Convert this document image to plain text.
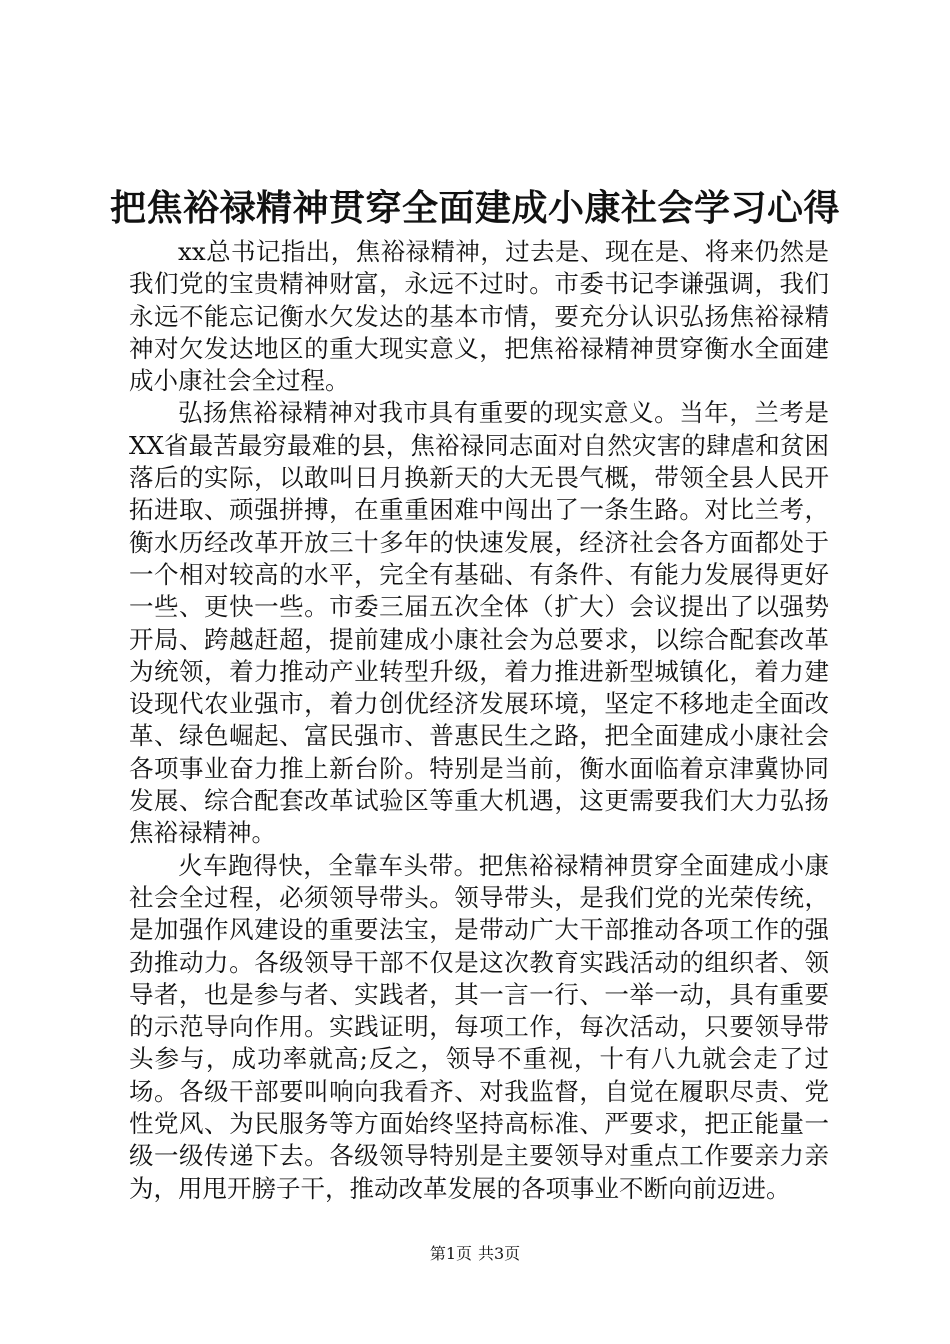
把焦裕禄精神贯穿全面建成小康社会学习心得

xx总书记指出，焦裕禄精神，过去是、现在是、将来仍然是我们党的宝贵精神财富，永远不过时。市委书记李谦强调，我们永远不能忘记衡水欠发达的基本市情，要充分认识弘扬焦裕禄精神对欠发达地区的重大现实意义，把焦裕禄精神贯穿衡水全面建成小康社会全过程。

弘扬焦裕禄精神对我市具有重要的现实意义。当年，兰考是XX省最苦最穷最难的县，焦裕禄同志面对自然灾害的肆虐和贫困落后的实际，以敢叫日月换新天的大无畏气概，带领全县人民开拓进取、顽强拼搏，在重重困难中闯出了一条生路。对比兰考，衡水历经改革开放三十多年的快速发展，经济社会各方面都处于一个相对较高的水平，完全有基础、有条件、有能力发展得更好一些、更快一些。市委三届五次全体（扩大）会议提出了以强势开局、跨越赶超，提前建成小康社会为总要求，以综合配套改革为统领，着力推动产业转型升级，着力推进新型城镇化，着力建设现代农业强市，着力创优经济发展环境，坚定不移地走全面改革、绿色崛起、富民强市、普惠民生之路，把全面建成小康社会各项事业奋力推上新台阶。特别是当前，衡水面临着京津冀协同发展、综合配套改革试验区等重大机遇，这更需要我们大力弘扬焦裕禄精神。

火车跑得快，全靠车头带。把焦裕禄精神贯穿全面建成小康社会全过程，必须领导带头。领导带头，是我们党的光荣传统，是加强作风建设的重要法宝，是带动广大干部推动各项工作的强劲推动力。各级领导干部不仅是这次教育实践活动的组织者、领导者，也是参与者、实践者，其一言一行、一举一动，具有重要的示范导向作用。实践证明，每项工作，每次活动，只要领导带头参与，成功率就高;反之，领导不重视，十有八九就会走了过场。各级干部要叫响向我看齐、对我监督，自觉在履职尽责、党性党风、为民服务等方面始终坚持高标准、严要求，把正能量一级一级传递下去。各级领导特别是主要领导对重点工作要亲力亲为，用甩开膀子干，推动改革发展的各项事业不断向前迈进。

第1页 共3页
